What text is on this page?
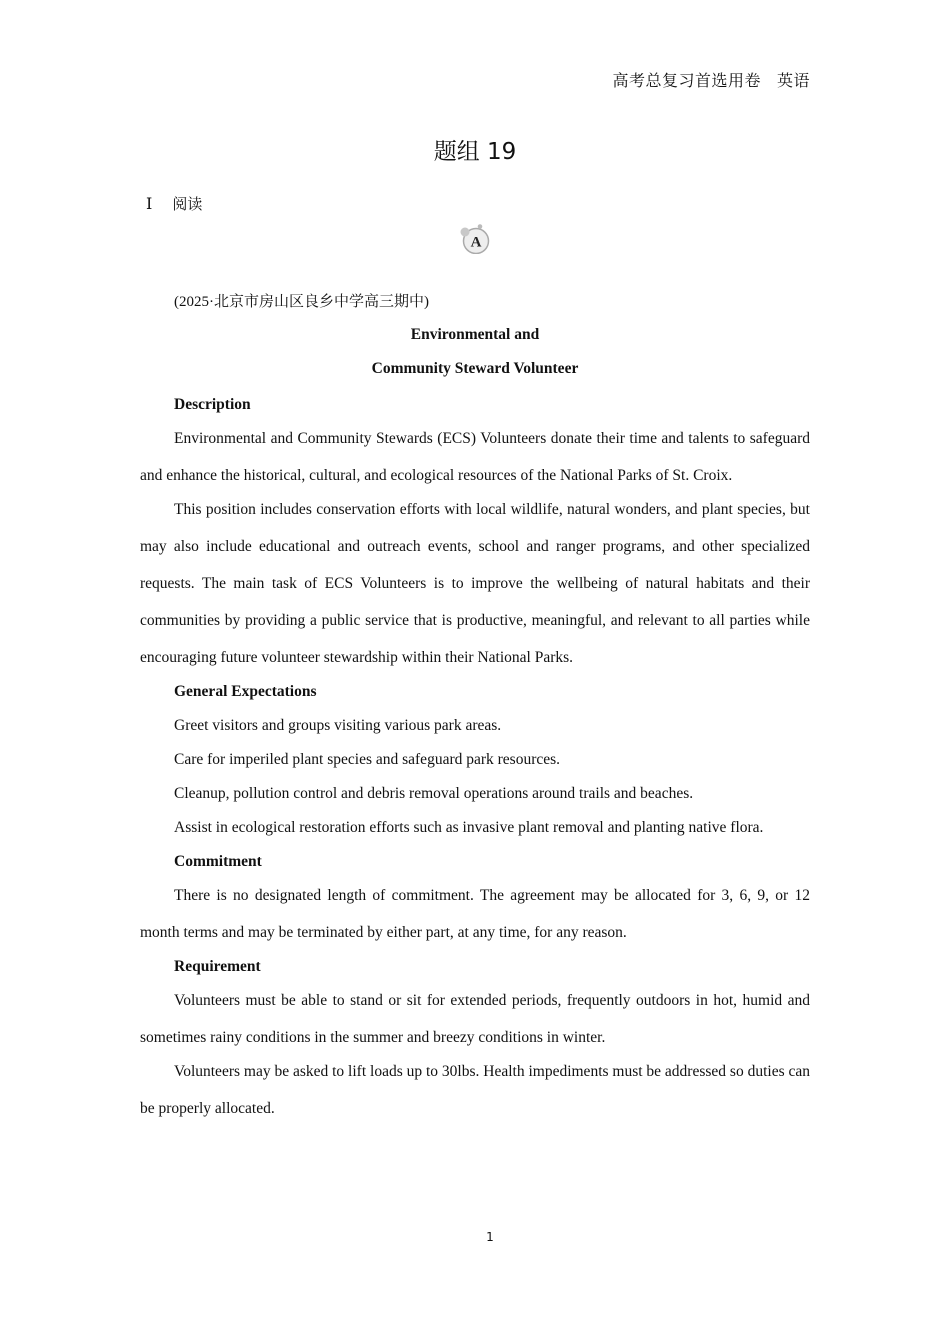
高考总复习首选用卷 英语
题组 19
Ⅰ 阅读
A

(2025·北京市房山区良乡中学高三期中)

Environmental and

Community Steward Volunteer

Description

Environmental and Community Stewards (ECS) Volunteers donate their time and talents to safeguard and enhance the historical, cultural, and ecological resources of the National Parks of St. Croix.

This position includes conservation efforts with local wildlife, natural wonders, and plant species, but may also include educational and outreach events, school and ranger programs, and other specialized requests. The main task of ECS Volunteers is to improve the wellbeing of natural habitats and their communities by providing a public service that is productive, meaningful, and relevant to all parties while encouraging future volunteer stewardship within their National Parks.

General Expectations

Greet visitors and groups visiting various park areas.

Care for imperiled plant species and safeguard park resources.

Cleanup, pollution control and debris removal operations around trails and beaches.

Assist in ecological restoration efforts such as invasive plant removal and planting native flora.

Commitment

There is no designated length of commitment. The agreement may be allocated for 3, 6, 9, or 12 month terms and may be terminated by either part, at any time, for any reason.

Requirement

Volunteers must be able to stand or sit for extended periods, frequently outdoors in hot, humid and sometimes rainy conditions in the summer and breezy conditions in winter.

Volunteers may be asked to lift loads up to 30lbs. Health impediments must be addressed so duties can be properly allocated.

1
